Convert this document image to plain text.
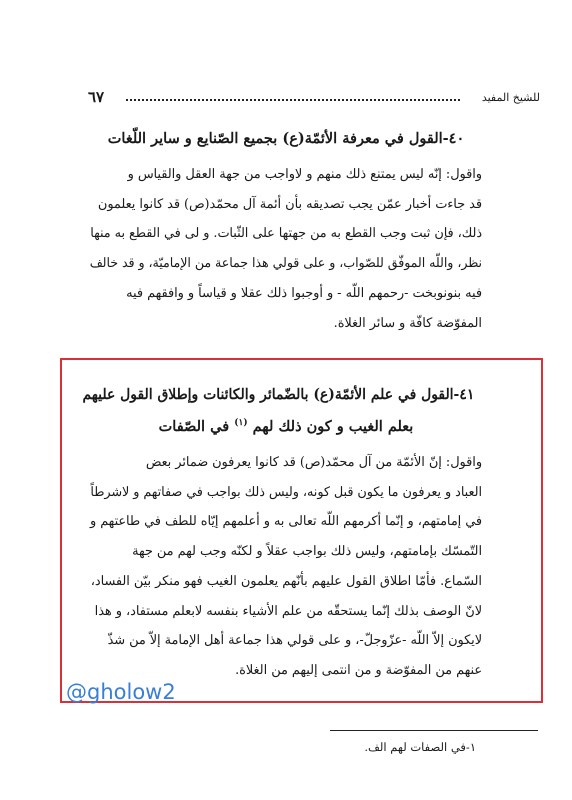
للشيخ المفيد
٦٧
٤٠-القول في معرفة الأئمّة(ع) بجميع الصّنايع و ساير اللّغات
واقول: إنّه ليس يمتنع ذلك منهم و لاواجب من جهة العقل والقياس و
قد جاءت أخبار عمّن يجب تصديقه بأن أئمة آل محمّد(ص) قد كانوا يعلمون
ذلك، فإن ثبت وجب القطع به من جهتها على الثّبات. و لى في القطع به منها
نظر، واللّه الموفّق للصّواب، و على قولي هذا جماعة من الإماميّة، و قد خالف
فيه بنونوبخت -رحمهم اللّه - و أوجبوا ذلك عقلا و قياساً و وافقهم فيه
المفوّضة كافّة و سائر الغلاة.
٤١-القول في علم الأئمّة(ع) بالضّمائر والكائنات وإطلاق القول عليهم
بعلم الغيب و كون ذلك لهم $^{(١)}$ في الصّفات
واقول: إنّ الأئمّة من آل محمّد(ص) قد كانوا يعرفون ضمائر بعض
العباد و يعرفون ما يكون قبل كونه، وليس ذلك بواجب في صفاتهم و لاشرطاً
في إمامتهم، و إنّما أكرمهم اللّه تعالى به و أعلمهم إيّاه للطف في طاعتهم و
التّمسّك بإمامتهم، وليس ذلك بواجب عقلاً و لكنّه وجب لهم من جهة
السّماع. فأمّا اطلاق القول عليهم بأنّهم يعلمون الغيب فهو منكر بيّن الفساد،
لانّ الوصف بذلك إنّما يستحقّه من علم الأشياء بنفسه لابعلم مستفاد، و هذا
لايكون إلاّ اللّه -عزّوجلّ-، و على قولي هذا جماعة أهل الإمامة إلاّ من شذّ
عنهم من المفوّضة و من انتمى إليهم من الغلاة.
@gholow2
١-في الصفات لهم الف.
